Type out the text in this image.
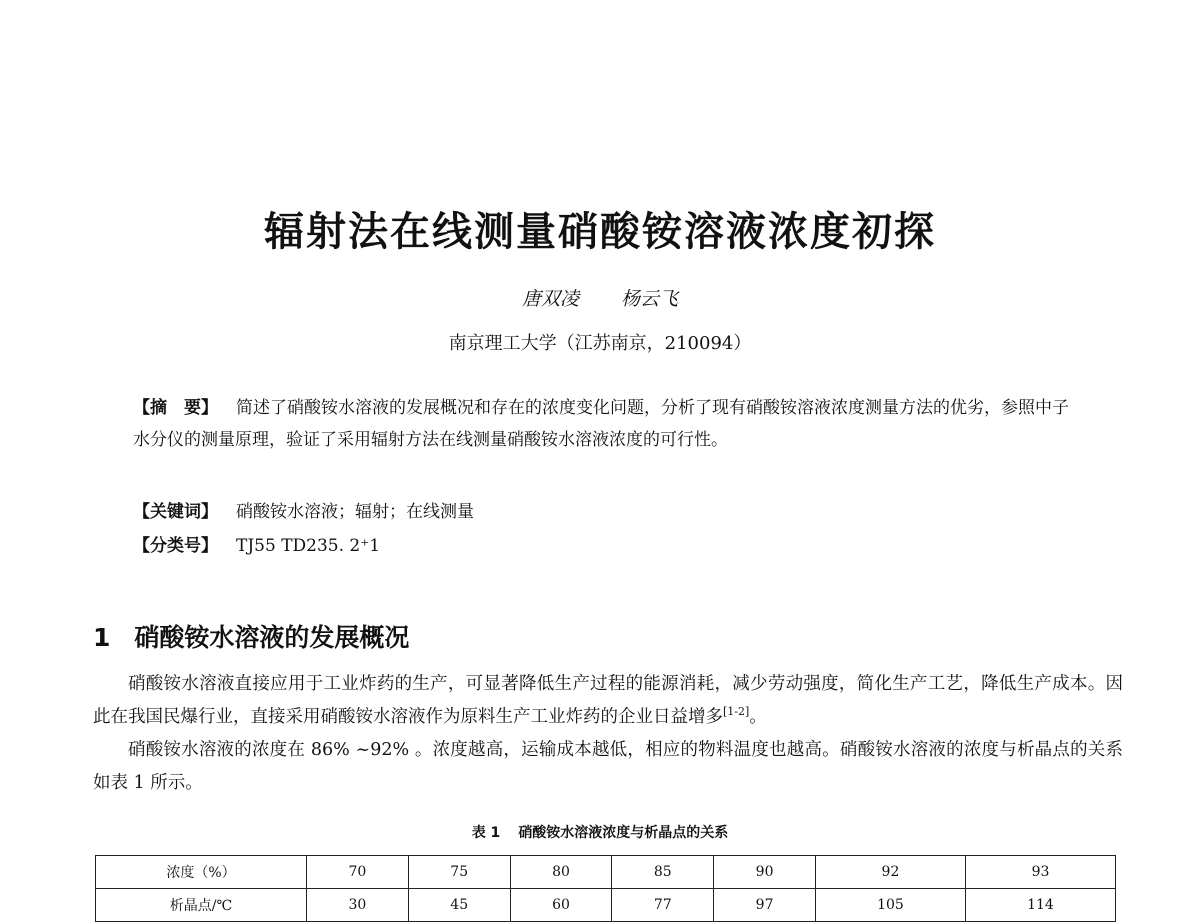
辐射法在线测量硝酸铵溶液浓度初探
唐双凌 杨云飞
南京理工大学（江苏南京，210094）
【摘　要】 简述了硝酸铵水溶液的发展概况和存在的浓度变化问题，分析了现有硝酸铵溶液浓度测量方法的优劣，参照中子水分仪的测量原理，验证了采用辐射方法在线测量硝酸铵水溶液浓度的可行性。
【关键词】 硝酸铵水溶液；辐射；在线测量
【分类号】 TJ55 TD235. 2⁺1
1 硝酸铵水溶液的发展概况
硝酸铵水溶液直接应用于工业炸药的生产，可显著降低生产过程的能源消耗，减少劳动强度，简化生产工艺，降低生产成本。因此在我国民爆行业，直接采用硝酸铵水溶液作为原料生产工业炸药的企业日益增多[1-2]。
硝酸铵水溶液的浓度在 86% ~92% 。浓度越高，运输成本越低，相应的物料温度也越高。硝酸铵水溶液的浓度与析晶点的关系如表 1 所示。
表 1 硝酸铵水溶液浓度与析晶点的关系
浓度（%）	70	75	80	85	90	92	93
析晶点/℃	30	45	60	77	97	105	114
